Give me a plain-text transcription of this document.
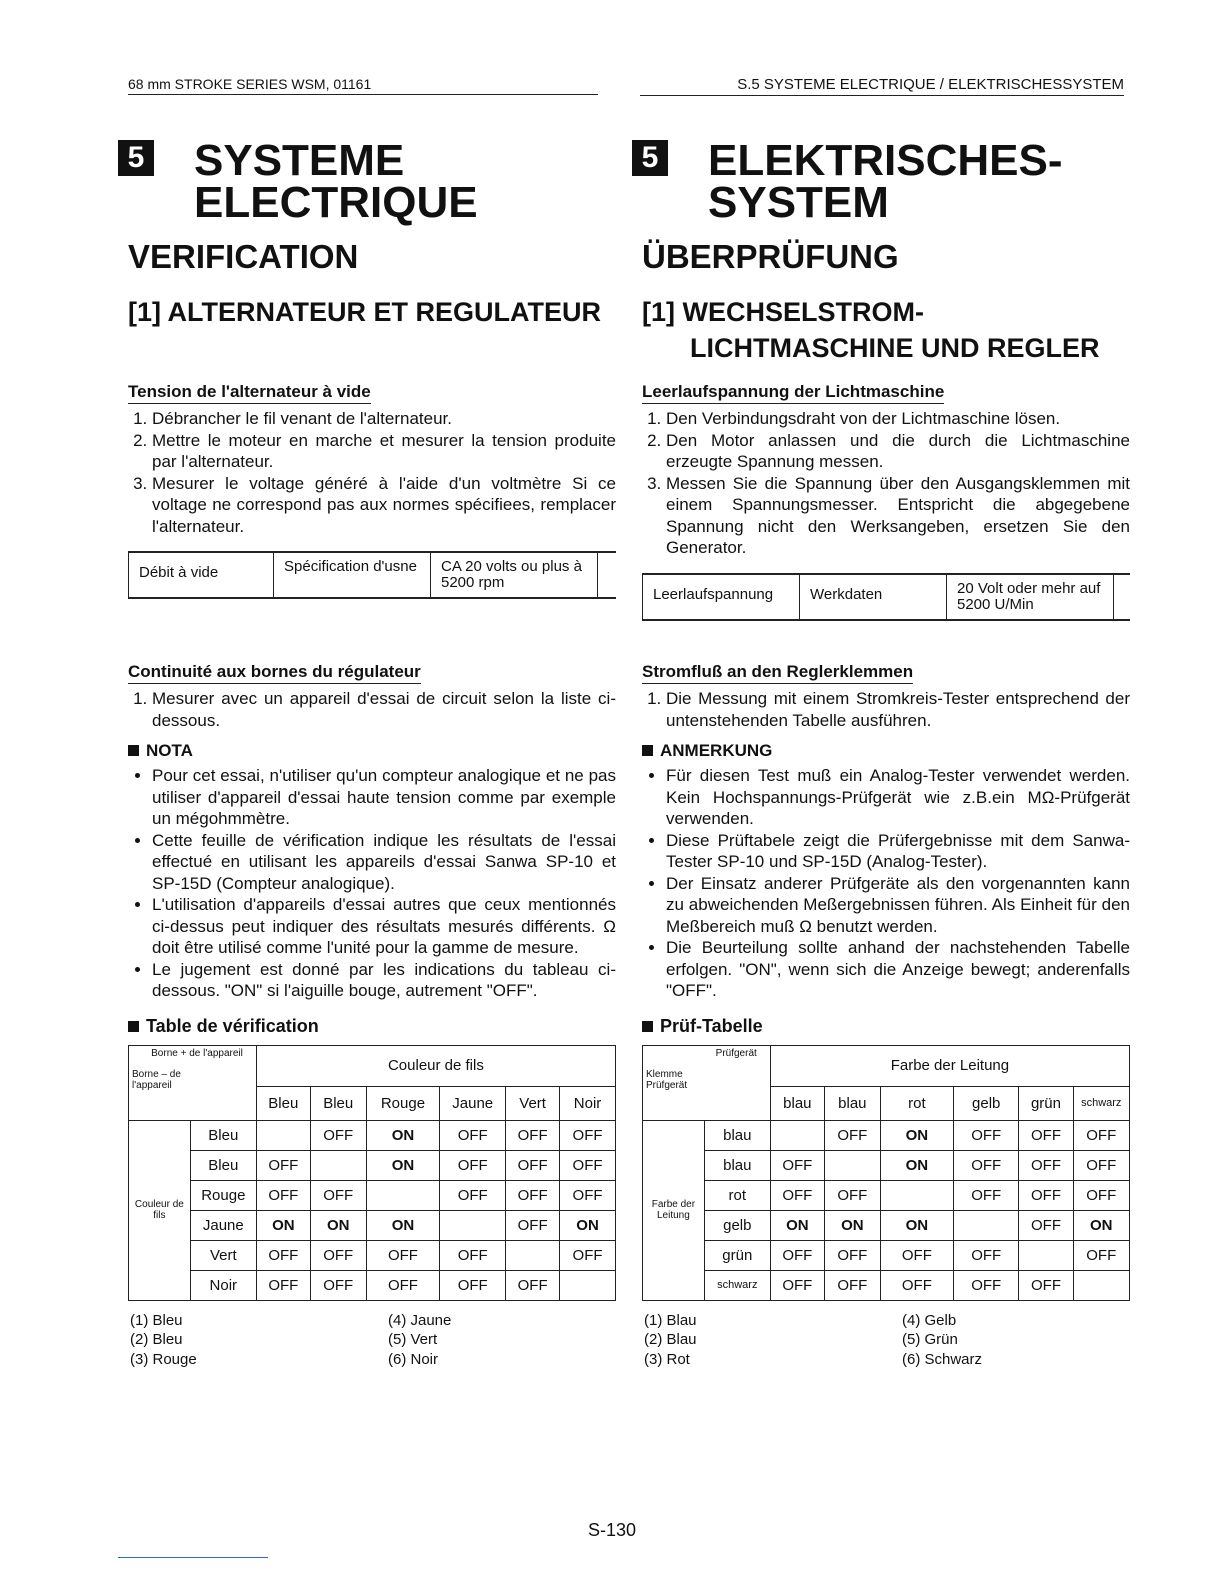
68 mm STROKE SERIES WSM, 01161	S.5 SYSTEME ELECTRIQUE / ELEKTRISCHESSYSTEM
5 SYSTEME
ELECTRIQUE
VERIFICATION
[1] ALTERNATEUR ET REGULATEUR
Tension de l'alternateur à vide
1. Débrancher le fil venant de l'alternateur.
2. Mettre le moteur en marche et mesurer la tension produite par l'alternateur.
3. Mesurer le voltage généré à l'aide d'un voltmètre Si ce voltage ne correspond pas aux normes spécifiees, remplacer l'alternateur.
Débit à vide	Spécification d'usne	CA 20 volts ou plus à 5200 rpm
Continuité aux bornes du régulateur
1. Mesurer avec un appareil d'essai de circuit selon la liste ci-dessous.
NOTA
• Pour cet essai, n'utiliser qu'un compteur analogique et ne pas utiliser d'appareil d'essai haute tension comme par exemple un mégohmmètre.
• Cette feuille de vérification indique les résultats de l'essai effectué en utilisant les appareils d'essai Sanwa SP-10 et SP-15D (Compteur analogique).
• L'utilisation d'appareils d'essai autres que ceux mentionnés ci-dessus peut indiquer des résultats mesurés différents. Ω doit être utilisé comme l'unité pour la gamme de mesure.
• Le jugement est donné par les indications du tableau ci-dessous. "ON" si l'aiguille bouge, autrement "OFF".
Table de vérification
Borne + de l'appareil
Borne – de l'appareil		Couleur de fils					
		Bleu	Bleu	Rouge	Jaune	Vert	Noir
Couleur de fils	Bleu		OFF	ON	OFF	OFF	OFF
	Bleu	OFF		ON	OFF	OFF	OFF
	Rouge	OFF	OFF		OFF	OFF	OFF
	Jaune	ON	ON	ON		OFF	ON
	Vert	OFF	OFF	OFF	OFF		OFF
	Noir	OFF	OFF	OFF	OFF	OFF	
(1) Bleu	(4) Jaune
(2) Bleu	(5) Vert
(3) Rouge	(6) Noir
5 ELEKTRISCHES-
SYSTEM
ÜBERPRÜFUNG
[1] WECHSELSTROM-
LICHTMASCHINE UND REGLER
Leerlaufspannung der Lichtmaschine
1. Den Verbindungsdraht von der Lichtmaschine lösen.
2. Den Motor anlassen und die durch die Lichtmaschine erzeugte Spannung messen.
3. Messen Sie die Spannung über den Ausgangsklemmen mit einem Spannungsmesser. Entspricht die abgegebene Spannung nicht den Werksangeben, ersetzen Sie den Generator.
Leerlaufspannung	Werkdaten	20 Volt oder mehr auf 5200 U/Min
Stromfluß an den Reglerklemmen
1. Die Messung mit einem Stromkreis-Tester entsprechend der untenstehenden Tabelle ausführen.
ANMERKUNG
• Für diesen Test muß ein Analog-Tester verwendet werden. Kein Hochspannungs-Prüfgerät wie z.B.ein MΩ-Prüfgerät verwenden.
• Diese Prüftabele zeigt die Prüfergebnisse mit dem Sanwa-Tester SP-10 und SP-15D (Analog-Tester).
• Der Einsatz anderer Prüfgeräte als den vorgenannten kann zu abweichenden Meßergebnissen führen. Als Einheit für den Meßbereich muß Ω benutzt werden.
• Die Beurteilung sollte anhand der nachstehenden Tabelle erfolgen. "ON", wenn sich die Anzeige bewegt; anderenfalls "OFF".
Prüf-Tabelle
Prüfgerät
Klemme Prüfgerät		Farbe der Leitung					
		blau	blau	rot	gelb	grün	schwarz
Farbe der Leitung	blau		OFF	ON	OFF	OFF	OFF
	blau	OFF		ON	OFF	OFF	OFF
	rot	OFF	OFF		OFF	OFF	OFF
	gelb	ON	ON	ON		OFF	ON
	grün	OFF	OFF	OFF	OFF		OFF
	schwarz	OFF	OFF	OFF	OFF	OFF	
(1) Blau	(4) Gelb
(2) Blau	(5) Grün
(3) Rot	(6) Schwarz
S-130
